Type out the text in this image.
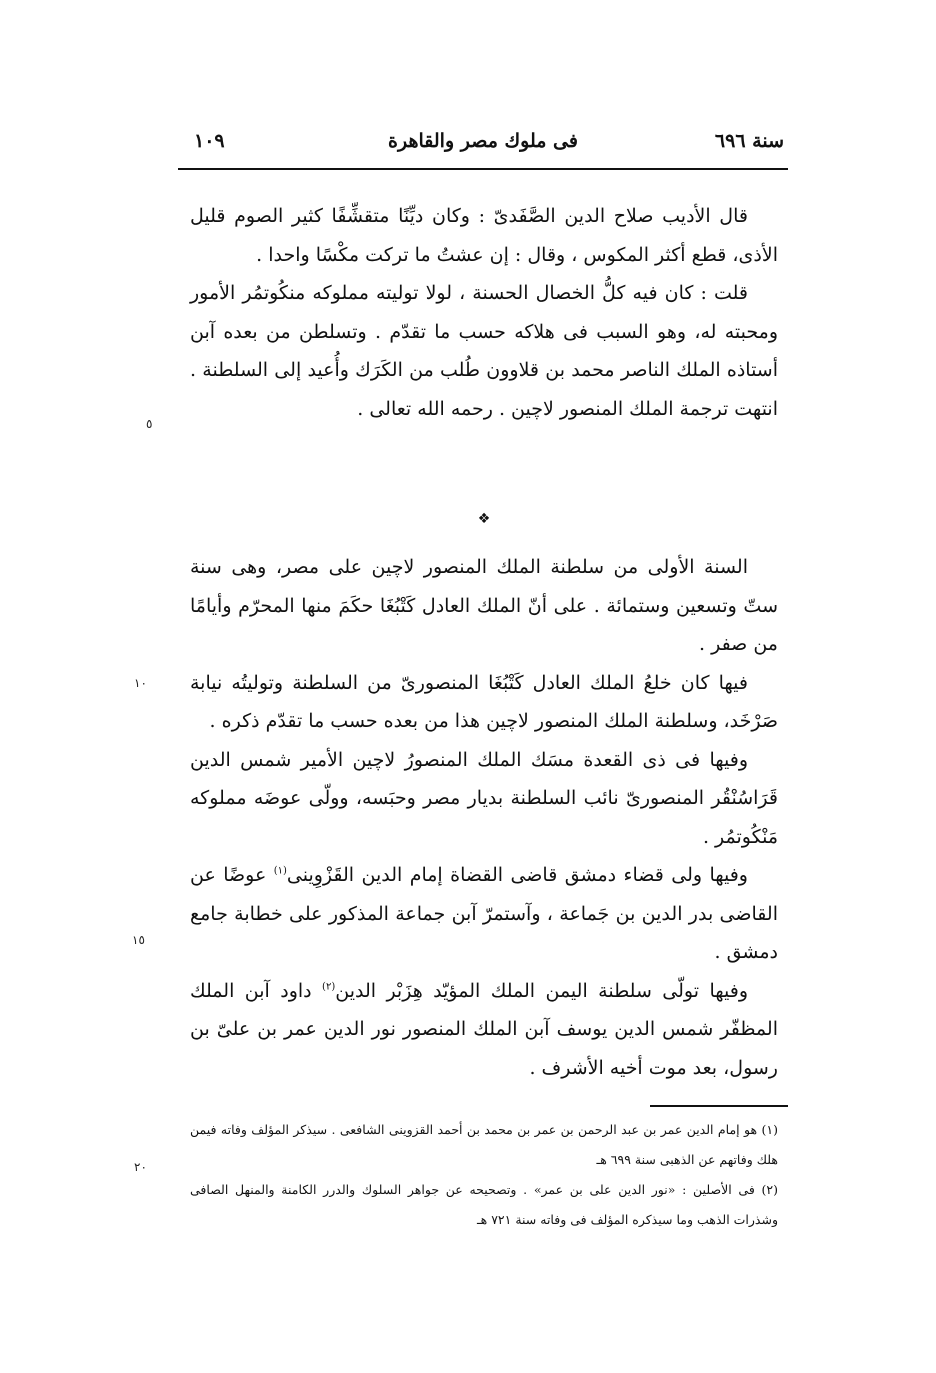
سنة ٦٩٦
فى ملوك مصر والقاهرة
١٠٩

قال الأديب صلاح الدين الصَّفَدىّ : وكان ديِّنًا متقشِّفًا كثير الصوم قليل الأذى، قطع أكثر المكوس ، وقال : إن عشتُ ما تركت مكْسًا واحدا .

قلت : كان فيه كلُّ الخصال الحسنة ، لولا توليته مملوكه منكُوتمُر الأمور ومحبته له، وهو السبب فى هلاكه حسب ما تقدّم . وتسلطن من بعده آبن أستاذه الملك الناصر محمد بن قلاوون طُلب من الكَرَك وأُعيد إلى السلطنة . انتهت ترجمة الملك المنصور لاچين . رحمه الله تعالى .

❖

السنة الأولى من سلطنة الملك المنصور لاچين على مصر، وهى سنة ستّ وتسعين وستمائة . على أنّ الملك العادل كَتْبُغَا حكَمَ منها المحرّم وأيامًا من صفر .

فيها كان خلعُ الملك العادل كَتْبُغَا المنصورىّ من السلطنة وتوليتُه نيابة صَرْخَد، وسلطنة الملك المنصور لاچين هذا من بعده حسب ما تقدّم ذكره .

وفيها فى ذى القعدة مسَك الملك المنصورُ لاچين الأمير شمس الدين قَرَاسُنْقُر المنصورىّ نائب السلطنة بديار مصر وحبَسه، وولّى عوضَه مملوكه مَنْكُوتمُر .

وفيها ولى قضاء دمشق قاضى القضاة إمام الدين القَزْوِينى$^{(١)}$ عوضًا عن القاضى بدر الدين بن جَماعة ، وآستمرّ آبن جماعة المذكور على خطابة جامع دمشق .

وفيها تولّى سلطنة اليمن الملك المؤيّد هِزَبْر الدين$^{(٢)}$ داود آبن الملك المظفّر شمس الدين يوسف آبن الملك المنصور نور الدين عمر بن علىّ بن رسول، بعد موت أخيه الأشرف .

٥
١٠
١٥
٢٠

(١) هو إمام الدين عمر بن عبد الرحمن بن عمر بن محمد بن أحمد القزوينى الشافعى . سيذكر المؤلف وفاته فيمن هلك وفاتهم عن الذهبى سنة ٦٩٩ هـ

(٢) فى الأصلين : «نور الدين على بن عمر» . وتصحيحه عن جواهر السلوك والدرر الكامنة والمنهل الصافى وشذرات الذهب وما سيذكره المؤلف فى وفاته سنة ٧٢١ هـ
